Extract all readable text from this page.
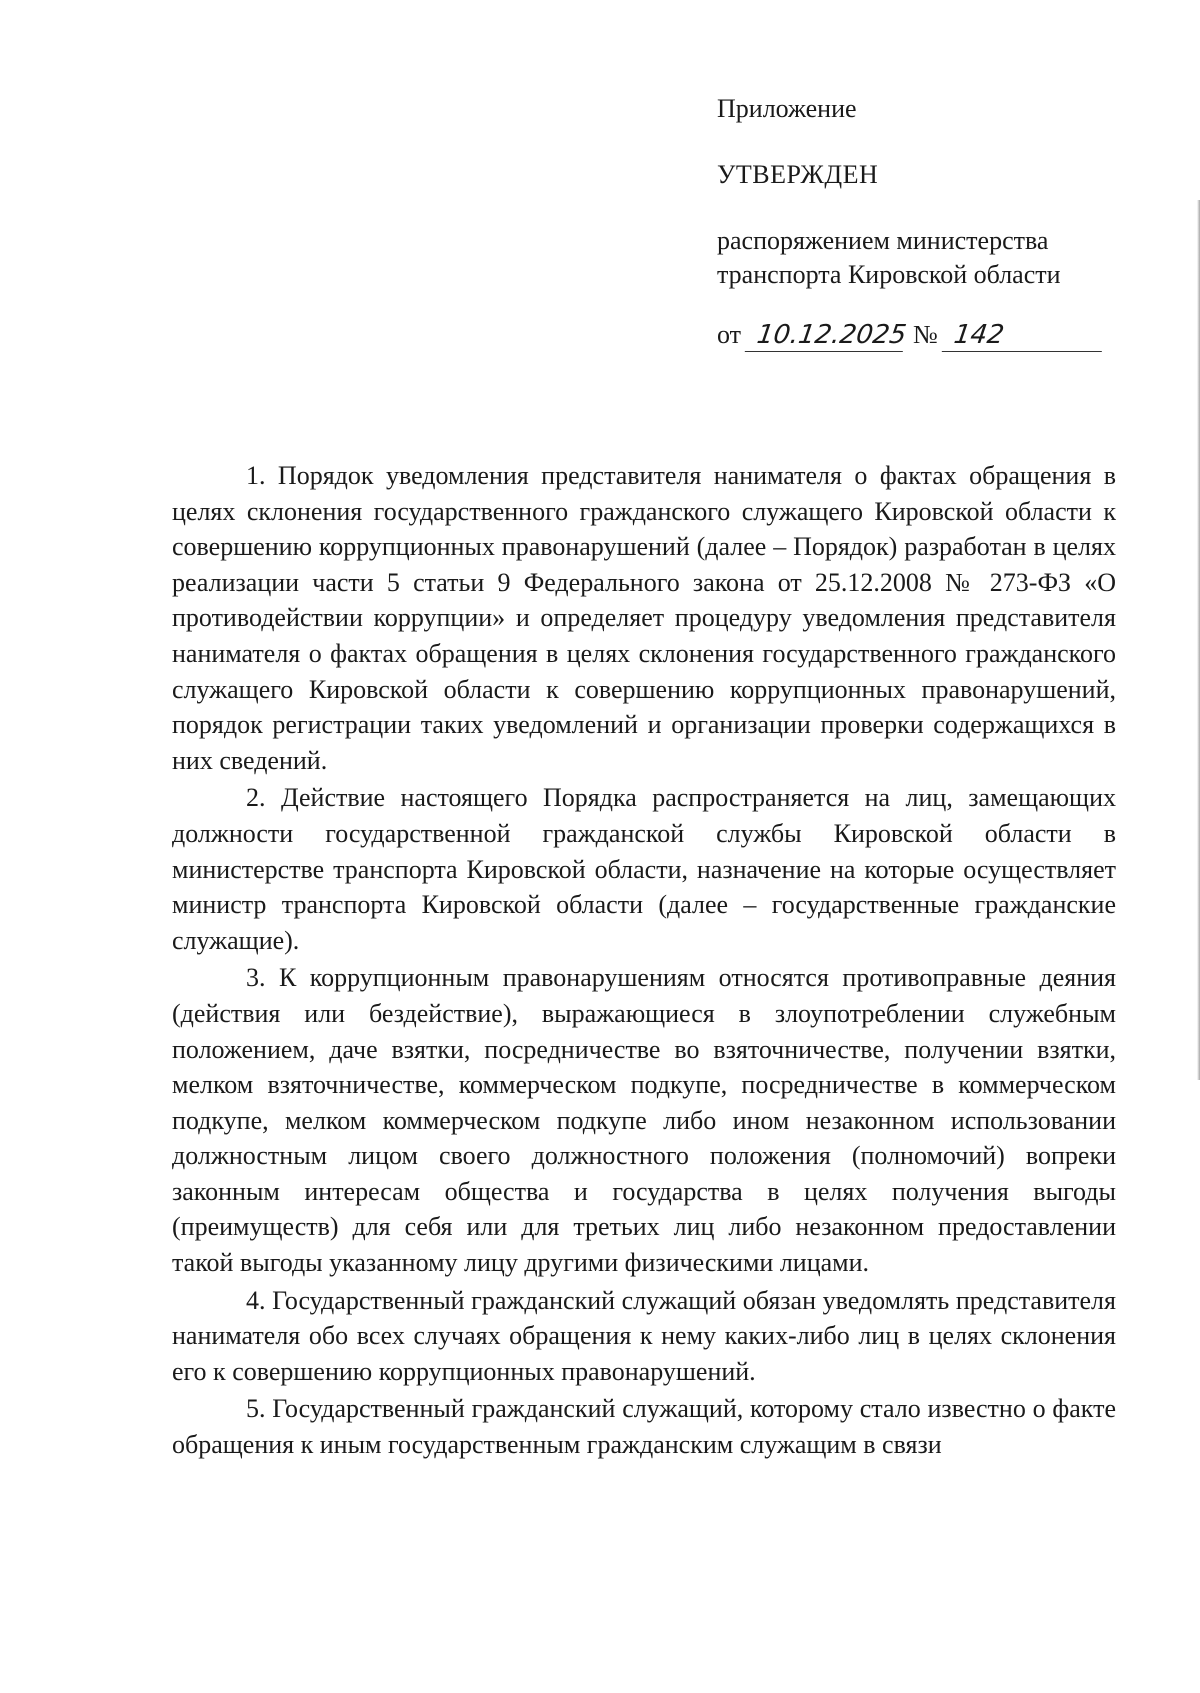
Приложение
УТВЕРЖДЕН
распоряжением министерства
транспорта Кировской области
от 10.12.2025 № 142

1. Порядок уведомления представителя нанимателя о фактах обращения в целях склонения государственного гражданского служащего Кировской области к совершению коррупционных правонарушений (далее – Порядок) разработан в целях реализации части 5 статьи 9 Федерального закона от 25.12.2008 № 273-ФЗ «О противодействии коррупции» и определяет процедуру уведомления представителя нанимателя о фактах обращения в целях склонения государственного гражданского служащего Кировской области к совершению коррупционных правонарушений, порядок регистрации таких уведомлений и организации проверки содержащихся в них сведений.

2. Действие настоящего Порядка распространяется на лиц, замещающих должности государственной гражданской службы Кировской области в министерстве транспорта Кировской области, назначение на которые осуществляет министр транспорта Кировской области (далее – государственные гражданские служащие).

3. К коррупционным правонарушениям относятся противоправные деяния (действия или бездействие), выражающиеся в злоупотреблении служебным положением, даче взятки, посредничестве во взяточничестве, получении взятки, мелком взяточничестве, коммерческом подкупе, посредничестве в коммерческом подкупе, мелком коммерческом подкупе либо ином незаконном использовании должностным лицом своего должностного положения (полномочий) вопреки законным интересам общества и государства в целях получения выгоды (преимуществ) для себя или для третьих лиц либо незаконном предоставлении такой выгоды указанному лицу другими физическими лицами.

4. Государственный гражданский служащий обязан уведомлять представителя нанимателя обо всех случаях обращения к нему каких-либо лиц в целях склонения его к совершению коррупционных правонарушений.

5. Государственный гражданский служащий, которому стало известно о факте обращения к иным государственным гражданским служащим в связи
